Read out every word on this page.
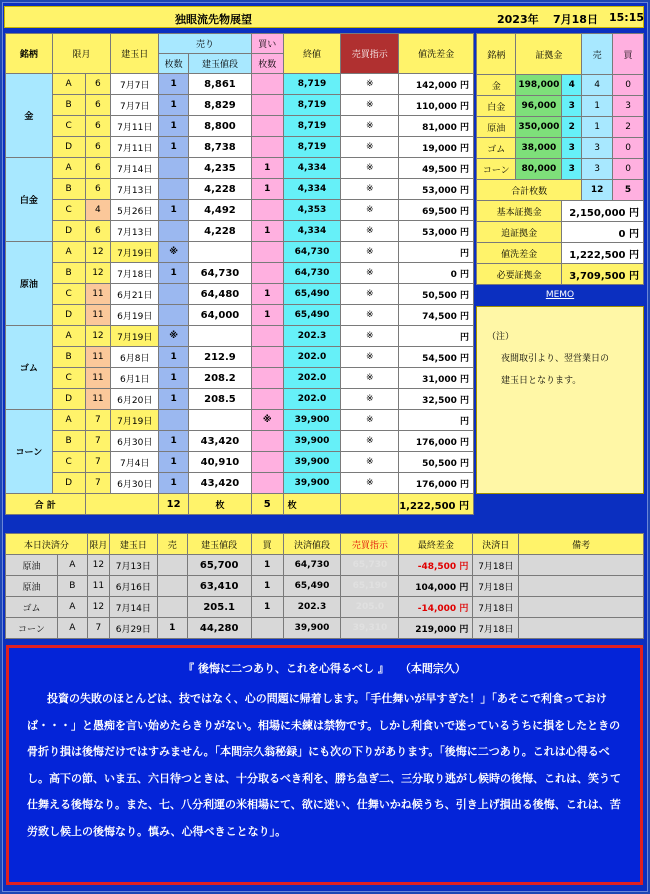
独眼流先物展望	2023年 7月18日 15:15
銘柄	限月		建玉日	売り		買い	終値	売買指示	値洗差金
				枚数	建玉値段	枚数			
金	A	6	7月7日	1	8,861		8,719	※	142,000 円
	B	6	7月7日	1	8,829		8,719	※	110,000 円
	C	6	7月11日	1	8,800		8,719	※	81,000 円
	D	6	7月11日	1	8,738		8,719	※	19,000 円
白金	A	6	7月14日		4,235	1	4,334	※	49,500 円
	B	6	7月13日		4,228	1	4,334	※	53,000 円
	C	4	5月26日	1	4,492		4,353	※	69,500 円
	D	6	7月13日		4,228	1	4,334	※	53,000 円
原油	A	12	7月19日	※			64,730	※	円
	B	12	7月18日	1	64,730		64,730	※	0 円
	C	11	6月21日		64,480	1	65,490	※	50,500 円
	D	11	6月19日		64,000	1	65,490	※	74,500 円
ゴム	A	12	7月19日	※			202.3	※	円
	B	11	6月8日	1	212.9		202.0	※	54,500 円
	C	11	6月1日	1	208.2		202.0	※	31,000 円
	D	11	6月20日	1	208.5		202.0	※	32,500 円
コーン	A	7	7月19日			※	39,900	※	円
	B	7	6月30日	1	43,420		39,900	※	176,000 円
	C	7	7月4日	1	40,910		39,900	※	50,500 円
	D	7	6月30日	1	43,420		39,900	※	176,000 円
合 計				12	枚	5	枚		1,222,500 円
銘柄	証拠金		売	買
金	198,000	4	4	0
白金	96,000	3	1	3
原油	350,000	2	1	2
ゴム	38,000	3	3	0
コーン	80,000	3	3	0
合計枚数			12	5
基本証拠金		2,150,000 円		
追証拠金		0 円		
値洗差金		1,222,500 円		
必要証拠金		3,709,500 円		
MEMO

（注）

夜間取引より、翌営業日の

建玉日となります。

本日決済分		限月	建玉日	売	建玉値段	買	決済値段	売買指示	最終差金	決済日	備考
原油	A	12	7月13日		65,700	1	64,730	65,730	-48,500 円	7月18日	
原油	B	11	6月16日		63,410	1	65,490	65,190	104,000 円	7月18日	
ゴム	A	12	7月14日		205.1	1	202.3	205.0	-14,000 円	7月18日	
コーン	A	7	6月29日	1	44,280		39,900	39,310	219,000 円	7月18日	
『 後悔に二つあり、これを心得るべし 』　　（本間宗久）
投資の失敗のほとんどは、技ではなく、心の問題に帰着します。「手仕舞いが早すぎた！」「あそこで利食っておけば・・・」と愚痴を言い始めたらきりがない。相場に未練は禁物です。しかし利食いで迷っているうちに損をしたときの骨折り損は後悔だけではすみません。「本間宗久翁秘録」にも次の下りがあります。「後悔に二つあり。これは心得るべし。高下の節、いま五、六日待つときは、十分取るべき利を、勝ち急ぎ二、三分取り逃がし候時の後悔、これは、笑うて仕舞える後悔なり。また、七、八分利運の米相場にて、欲に迷い、仕舞いかね候うち、引き上げ損出る後悔、これは、苦労致し候上の後悔なり。慎み、心得べきことなり」。
